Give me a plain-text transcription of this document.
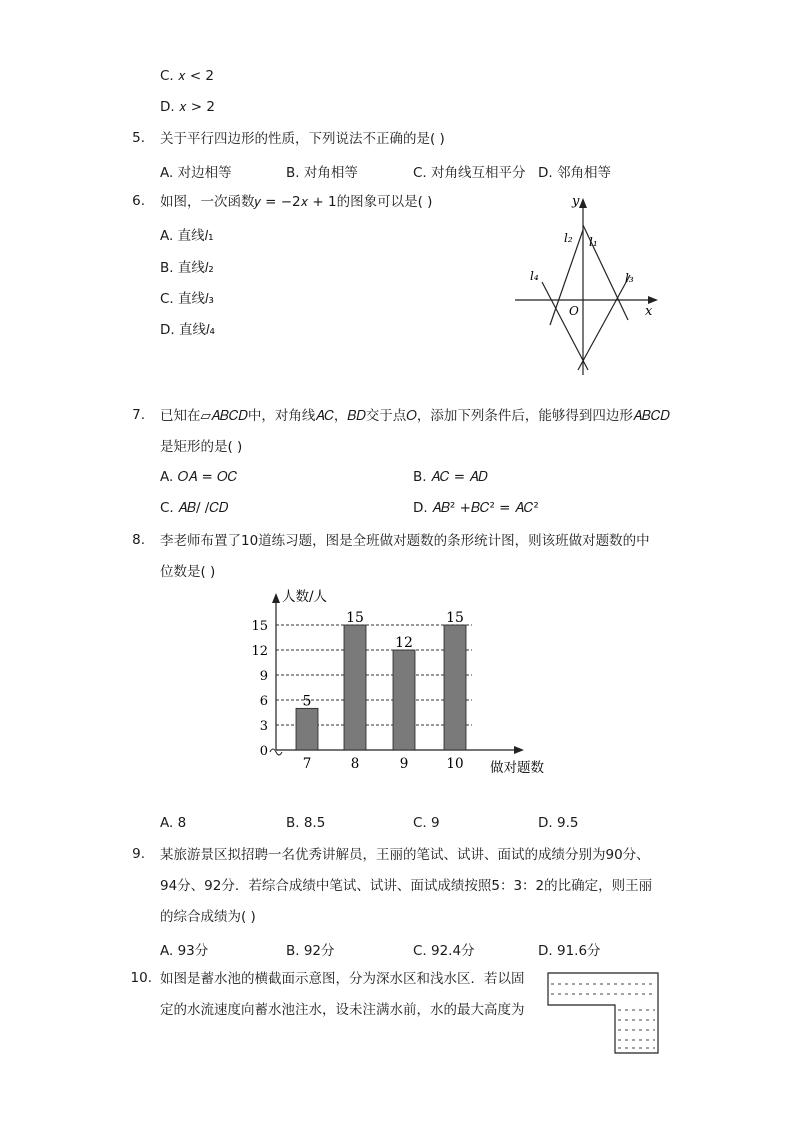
C. 𝑥 < 2
D. 𝑥 > 2
5. 关于平行四边形的性质，下列说法不正确的是( )
A. 对边相等	B. 对角相等	C. 对角线互相平分 D. 邻角相等
6. 如图，一次函数𝑦 = −2𝑥 + 1的图象可以是( )
A. 直线𝑙₁
B. 直线𝑙₂
C. 直线𝑙₃
D. 直线𝑙₄
y
x
O
l₂ l₁
l₄	l₃
7. 已知在▱𝐴𝐵𝐶𝐷中，对角线𝐴𝐶，𝐵𝐷交于点𝑂，添加下列条件后，能够得到四边形𝐴𝐵𝐶𝐷
是矩形的是( )
A. 𝑂𝐴 = 𝑂𝐶	B. 𝐴𝐶 = 𝐴𝐷
C. 𝐴𝐵/ /𝐶𝐷	D. 𝐴𝐵² +𝐵𝐶² = 𝐴𝐶²
8. 李老师布置了10道练习题，图是全班做对题数的条形统计图，则该班做对题数的中
位数是( )
0
3
6
9
12
15
人数/人
做对题数
5
7
15
8
12
9
15
10
A. 8	B. 8.5	C. 9	D. 9.5
9. 某旅游景区拟招聘一名优秀讲解员，王丽的笔试、试讲、面试的成绩分别为90分、
94分、92分．若综合成绩中笔试、试讲、面试成绩按照5：3：2的比确定，则王丽
的综合成绩为( )
A. 93分	B. 92分	C. 92.4分	D. 91.6分
10. 如图是蓄水池的横截面示意图，分为深水区和浅水区．若以固
定的水流速度向蓄水池注水，设未注满水前，水的最大高度为
